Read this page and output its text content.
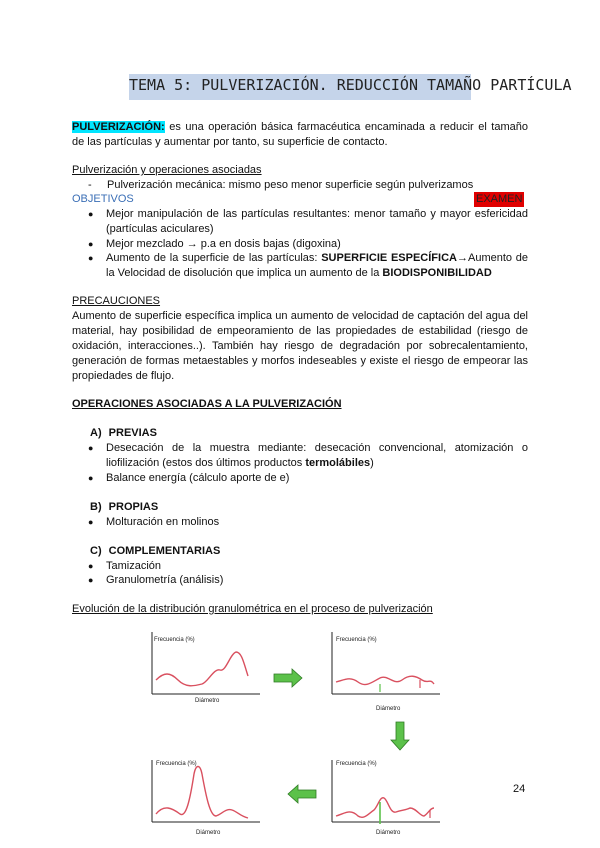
TEMA 5: PULVERIZACIÓN. REDUCCIÓN TAMAÑO PARTÍCULA
PULVERIZACIÓN: es una operación básica farmacéutica encaminada a reducir el tamaño de las partículas y aumentar por tanto, su superficie de contacto.
Pulverización y operaciones asociadas
- Pulverización mecánica: mismo peso menor superficie según pulverizamos
OBJETIVOS	EXAMEN
● Mejor manipulación de las partículas resultantes: menor tamaño y mayor esfericidad (partículas aciculares)
● Mejor mezclado → p.a en dosis bajas (digoxina)
● Aumento de la superficie de las partículas: SUPERFICIE ESPECÍFICA→Aumento de la Velocidad de disolución que implica un aumento de la BIODISPONIBILIDAD
PRECAUCIONES
Aumento de superficie específica implica un aumento de velocidad de captación del agua del material, hay posibilidad de empeoramiento de las propiedades de estabilidad (riesgo de oxidación, interacciones..). También hay riesgo de degradación por sobrecalentamiento, generación de formas metaestables y morfos indeseables y existe el riesgo de empeorar las propiedades de flujo.
OPERACIONES ASOCIADAS A LA PULVERIZACIÓN
A) PREVIAS
● Desecación de la muestra mediante: desecación convencional, atomización o liofilización (estos dos últimos productos termolábiles)
● Balance energía (cálculo aporte de e)
B) PROPIAS
● Molturación en molinos
C) COMPLEMENTARIAS
● Tamización
● Granulometría (análisis)
Evolución de la distribución granulométrica en el proceso de pulverización
Frecuencia (%)
Diámetro
Frecuencia (%)
Diámetro
Frecuencia (%)
Diámetro
Frecuencia (%)
Diámetro
24
